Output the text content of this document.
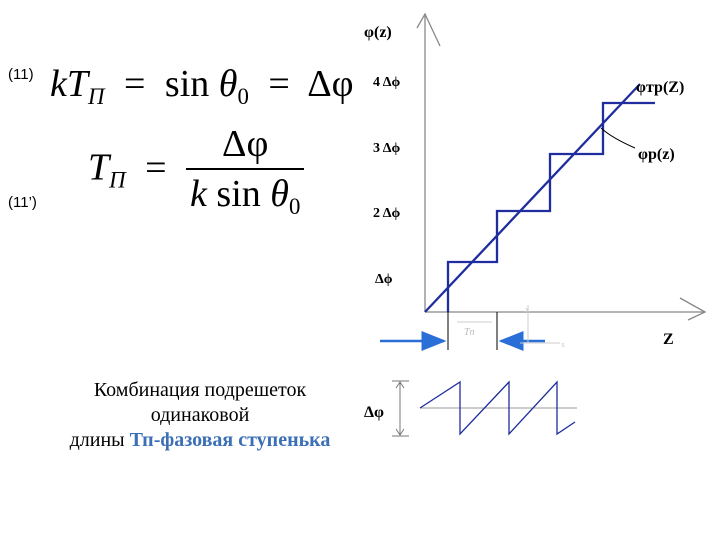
(11)
(11’)
$kT_П = \sin \theta_0 = \Delta\varphi$
$T_П = \frac{\Delta\varphi}{k \sin \theta_0}$
Комбинация подрешеток
одинаковой
длины Тп-фазовая ступенька
φ(z)
Z
4 Δϕ
3 Δϕ
2 Δϕ
Δϕ
φтр(Z)
φр(z)
x
x
Tп
Δφ
